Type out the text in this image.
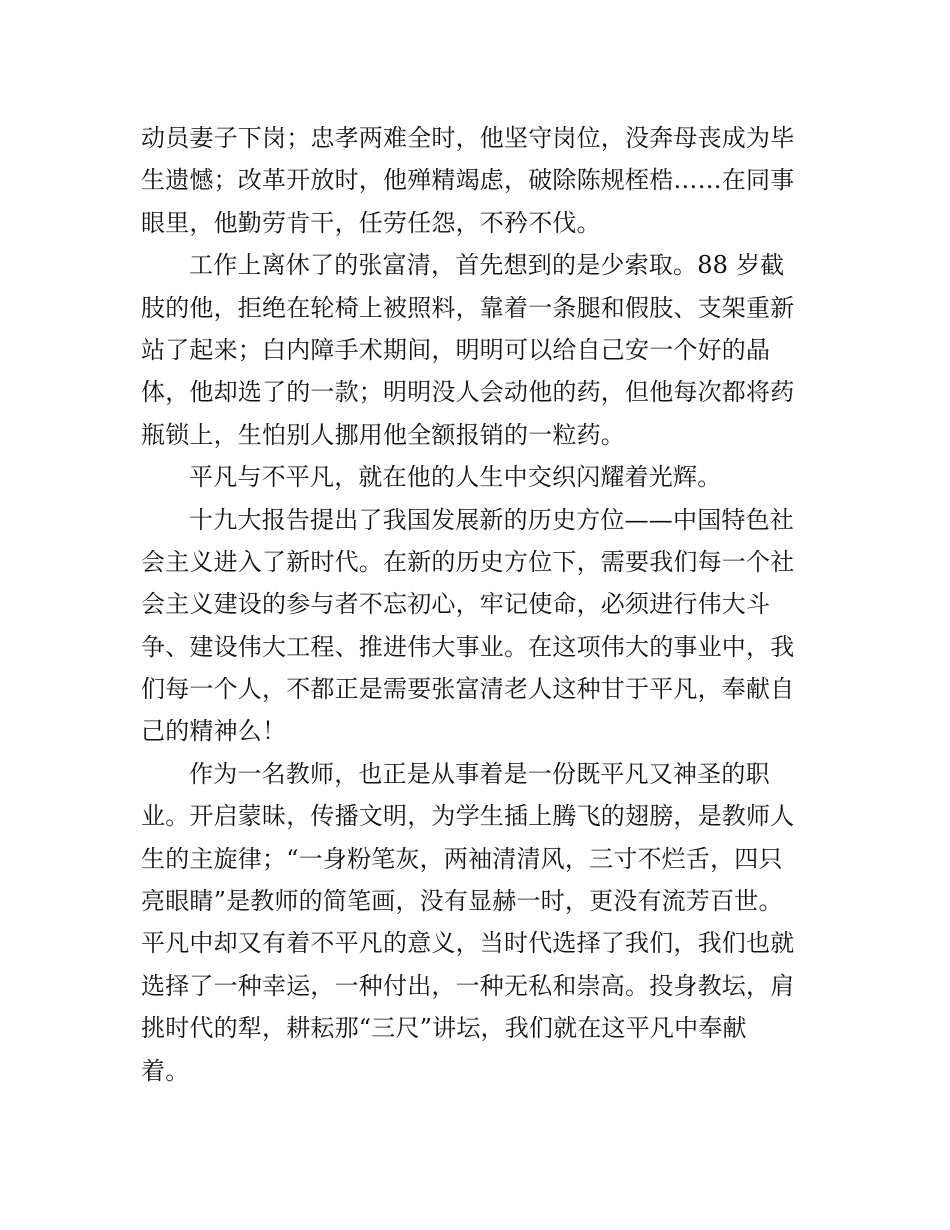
动员妻子下岗；忠孝两难全时，他坚守岗位，没奔母丧成为毕
生遗憾；改革开放时，他殚精竭虑，破除陈规桎梏……在同事
眼里，他勤劳肯干，任劳任怨，不矜不伐。
工作上离休了的张富清，首先想到的是少索取。88 岁截
肢的他，拒绝在轮椅上被照料，靠着一条腿和假肢、支架重新
站了起来；白内障手术期间，明明可以给自己安一个好的晶
体，他却选了的一款；明明没人会动他的药，但他每次都将药
瓶锁上，生怕别人挪用他全额报销的一粒药。
平凡与不平凡，就在他的人生中交织闪耀着光辉。
十九大报告提出了我国发展新的历史方位——中国特色社
会主义进入了新时代。在新的历史方位下，需要我们每一个社
会主义建设的参与者不忘初心，牢记使命，必须进行伟大斗
争、建设伟大工程、推进伟大事业。在这项伟大的事业中，我
们每一个人，不都正是需要张富清老人这种甘于平凡，奉献自
己的精神么！
作为一名教师，也正是从事着是一份既平凡又神圣的职
业。开启蒙昧，传播文明，为学生插上腾飞的翅膀，是教师人
生的主旋律；“一身粉笔灰，两袖清清风，三寸不烂舌，四只
亮眼睛”是教师的简笔画，没有显赫一时，更没有流芳百世。
平凡中却又有着不平凡的意义，当时代选择了我们，我们也就
选择了一种幸运，一种付出，一种无私和崇高。投身教坛，肩
挑时代的犁，耕耘那“三尺”讲坛，我们就在这平凡中奉献
着。
